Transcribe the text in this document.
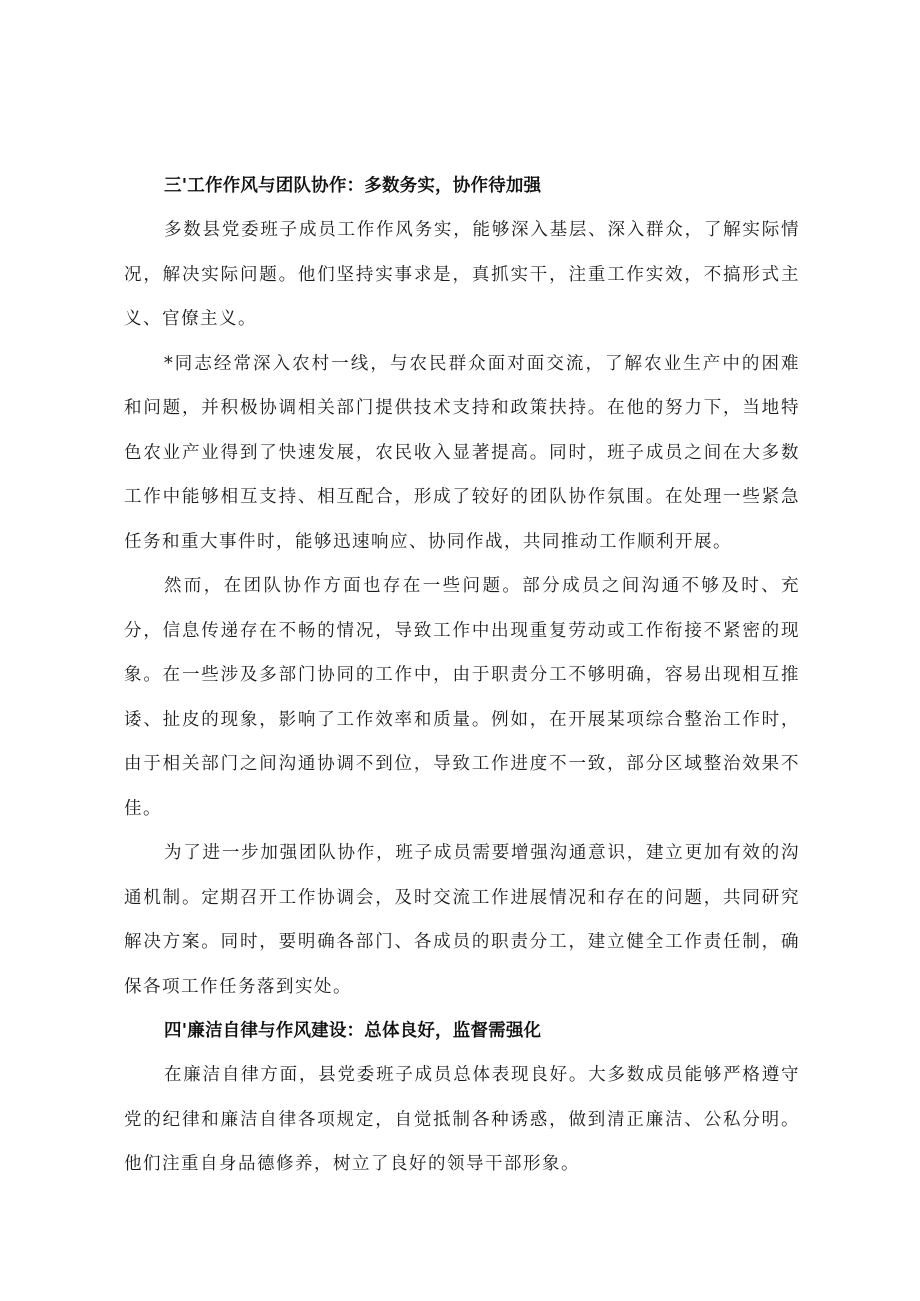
三'工作作风与团队协作：多数务实，协作待加强

多数县党委班子成员工作作风务实，能够深入基层、深入群众，了解实际情况，解决实际问题。他们坚持实事求是，真抓实干，注重工作实效，不搞形式主义、官僚主义。

*同志经常深入农村一线，与农民群众面对面交流，了解农业生产中的困难和问题，并积极协调相关部门提供技术支持和政策扶持。在他的努力下，当地特色农业产业得到了快速发展，农民收入显著提高。同时，班子成员之间在大多数工作中能够相互支持、相互配合，形成了较好的团队协作氛围。在处理一些紧急任务和重大事件时，能够迅速响应、协同作战，共同推动工作顺利开展。

然而，在团队协作方面也存在一些问题。部分成员之间沟通不够及时、充分，信息传递存在不畅的情况，导致工作中出现重复劳动或工作衔接不紧密的现象。在一些涉及多部门协同的工作中，由于职责分工不够明确，容易出现相互推诿、扯皮的现象，影响了工作效率和质量。例如，在开展某项综合整治工作时，由于相关部门之间沟通协调不到位，导致工作进度不一致，部分区域整治效果不佳。

为了进一步加强团队协作，班子成员需要增强沟通意识，建立更加有效的沟通机制。定期召开工作协调会，及时交流工作进展情况和存在的问题，共同研究解决方案。同时，要明确各部门、各成员的职责分工，建立健全工作责任制，确保各项工作任务落到实处。

四'廉洁自律与作风建设：总体良好，监督需强化

在廉洁自律方面，县党委班子成员总体表现良好。大多数成员能够严格遵守党的纪律和廉洁自律各项规定，自觉抵制各种诱惑，做到清正廉洁、公私分明。他们注重自身品德修养，树立了良好的领导干部形象。
